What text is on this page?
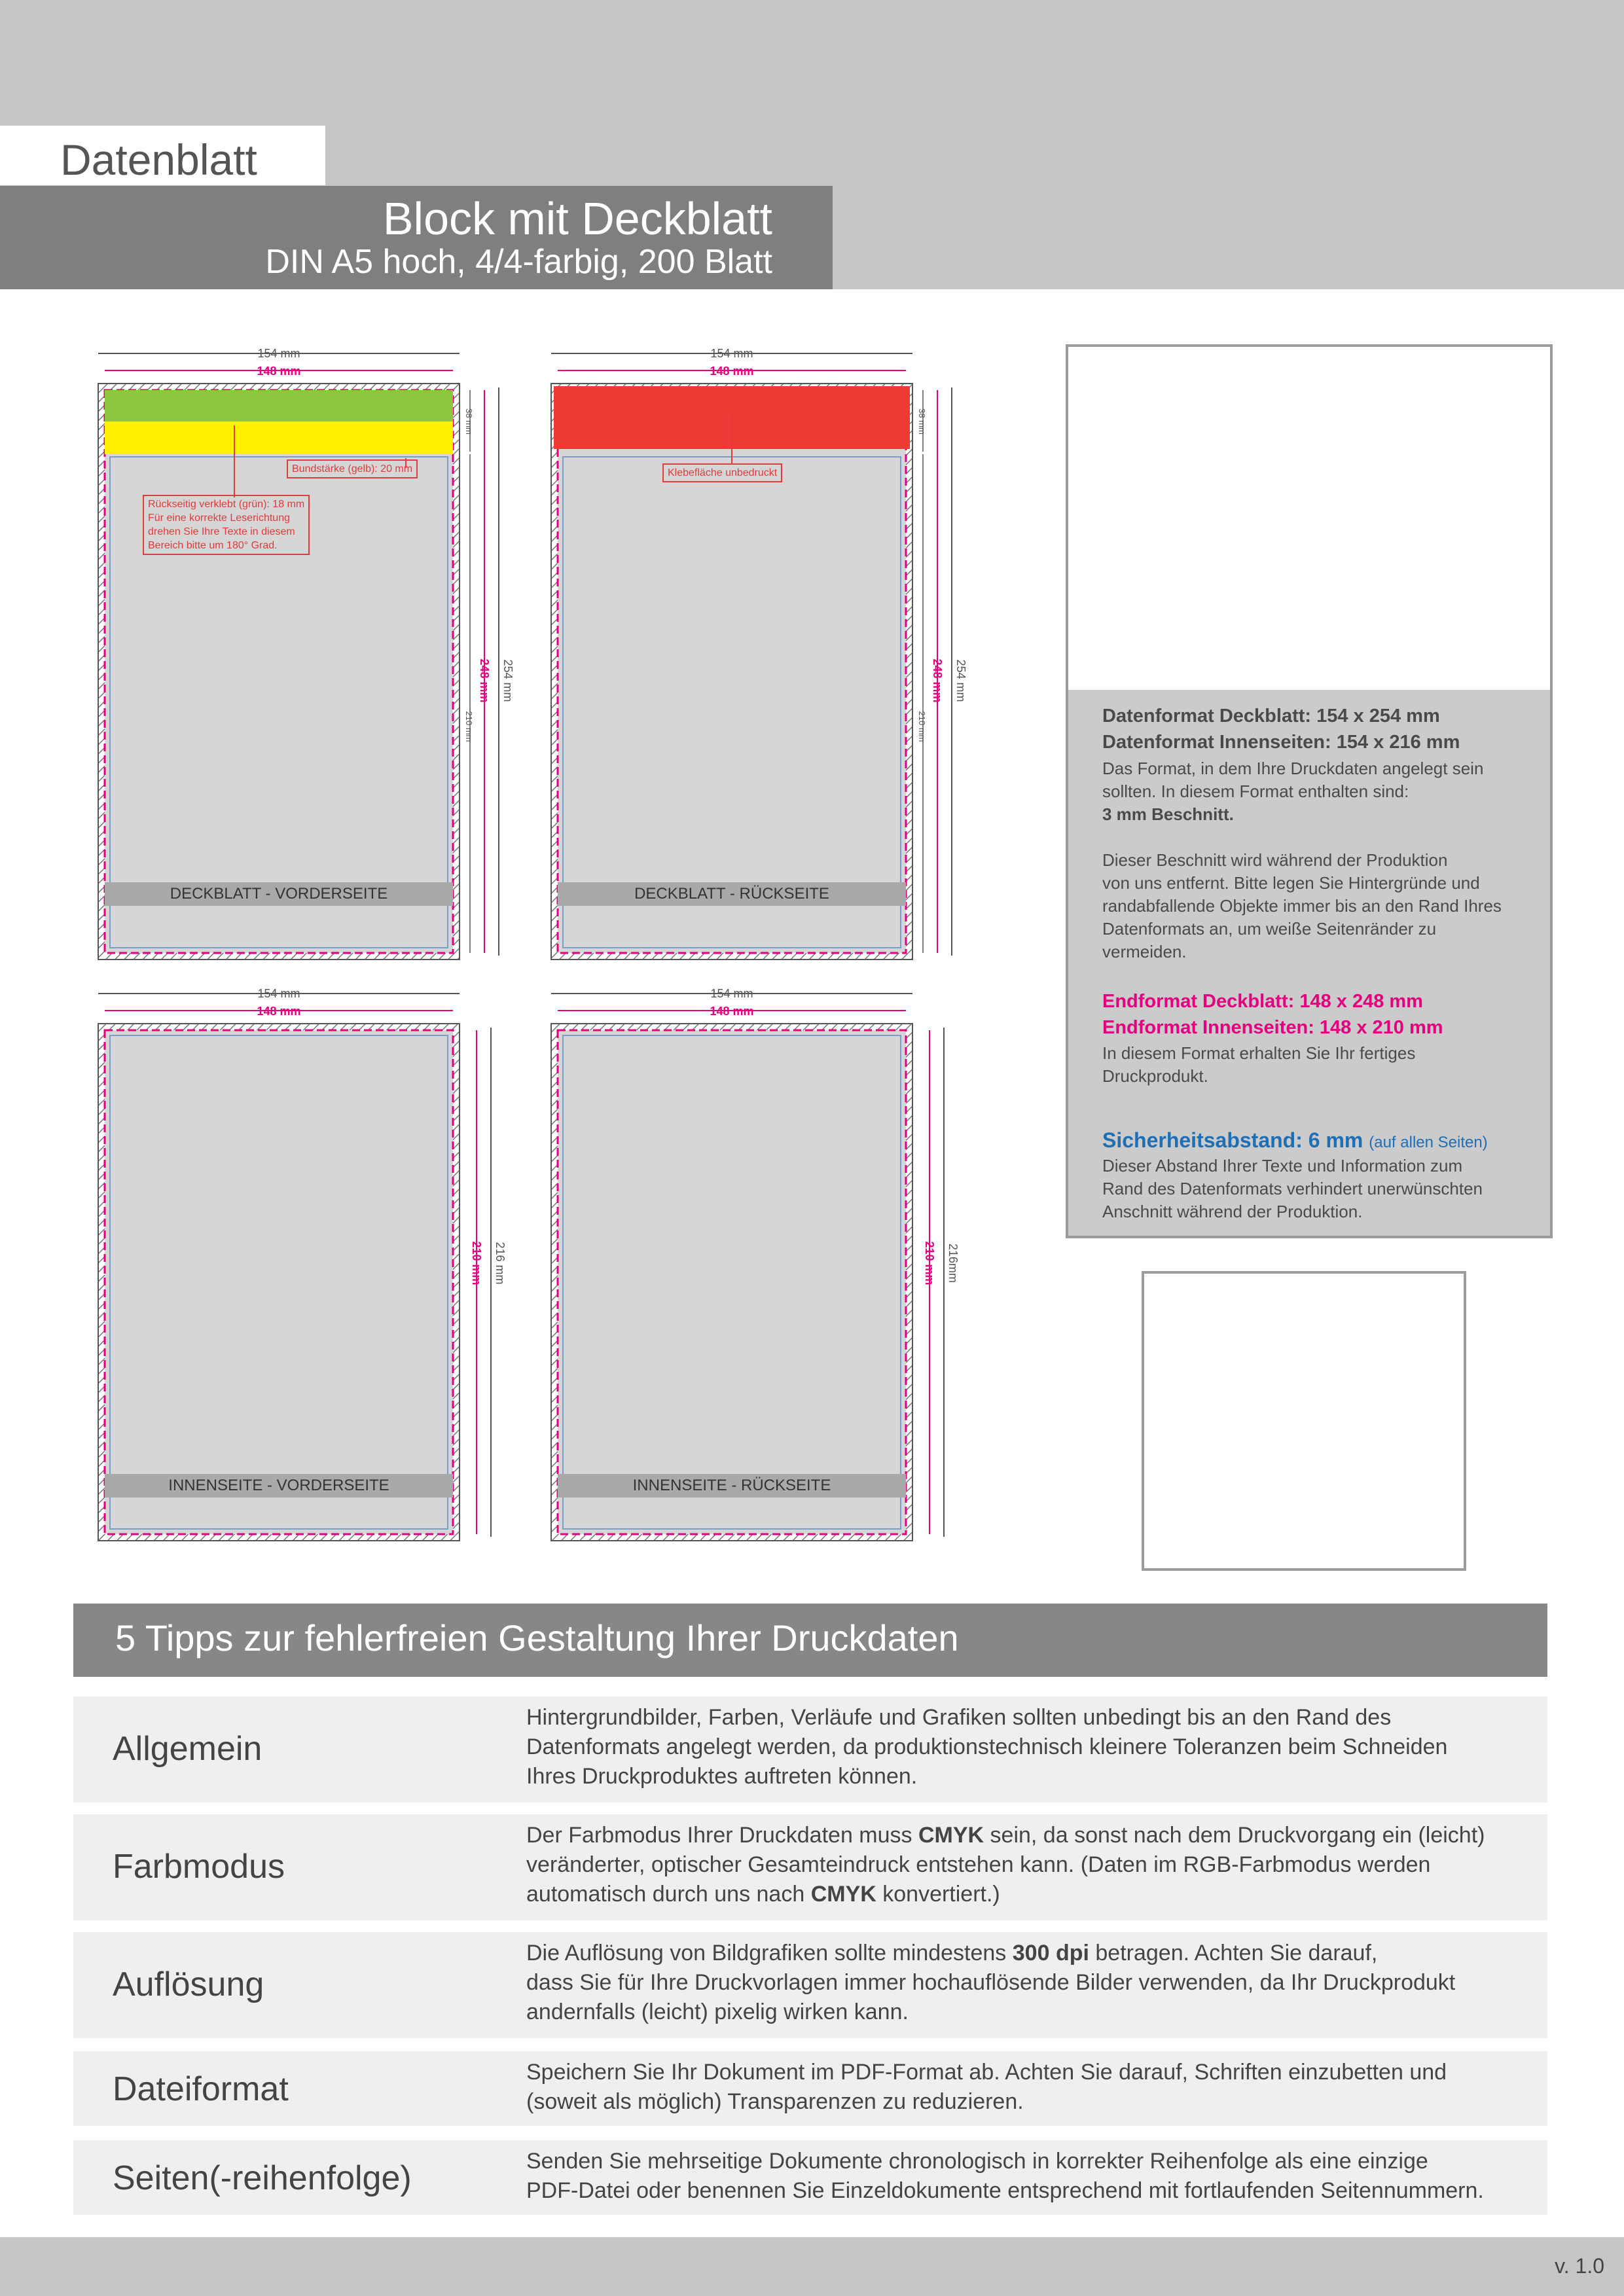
Datenblatt
Block mit Deckblatt
DIN A5 hoch, 4/4-farbig, 200 Blatt
154 mm
148 mm
154 mm
148 mm
154 mm
148 mm
154 mm
148 mm
254 mm
248 mm
210 mm
38 mm
254 mm
248 mm
210 mm
38 mm
216 mm
210 mm	216mm
210 mm
DECKBLATT - VORDERSEITE	DECKBLATT - RÜCKSEITE
INNENSEITE - VORDERSEITE	INNENSEITE - RÜCKSEITE
Bundstärke (gelb): 20 mm	Klebefläche unbedruckt
Rückseitig verklebt (grün): 18 mm
Für eine korrekte Leserichtung
drehen Sie Ihre Texte in diesem
Bereich bitte um 180° Grad.
Datenformat Deckblatt: 154 x 254 mm
Datenformat Innenseiten: 154 x 216 mm
Das Format, in dem Ihre Druckdaten angelegt sein
sollten. In diesem Format enthalten sind:
3 mm Beschnitt.
Dieser Beschnitt wird während der Produktion
von uns entfernt. Bitte legen Sie Hintergründe und
randabfallende Objekte immer bis an den Rand Ihres
Datenformats an, um weiße Seitenränder zu
vermeiden.
Endformat Deckblatt: 148 x 248 mm
Endformat Innenseiten: 148 x 210 mm
In diesem Format erhalten Sie Ihr fertiges
Druckprodukt.
Sicherheitsabstand: 6 mm (auf allen Seiten)
Dieser Abstand Ihrer Texte und Information zum
Rand des Datenformats verhindert unerwünschten
Anschnitt während der Produktion.
5 Tipps zur fehlerfreien Gestaltung Ihrer Druckdaten
Allgemein
Hintergrundbilder, Farben, Verläufe und Grafiken sollten unbedingt bis an den Rand des
Datenformats angelegt werden, da produktionstechnisch kleinere Toleranzen beim Schneiden
Ihres Druckproduktes auftreten können.
Farbmodus
Der Farbmodus Ihrer Druckdaten muss CMYK sein, da sonst nach dem Druckvorgang ein (leicht)
veränderter, optischer Gesamteindruck entstehen kann. (Daten im RGB-Farbmodus werden
automatisch durch uns nach CMYK konvertiert.)
Auflösung
Die Auflösung von Bildgrafiken sollte mindestens 300 dpi betragen. Achten Sie darauf,
dass Sie für Ihre Druckvorlagen immer hochauflösende Bilder verwenden, da Ihr Druckprodukt
andernfalls (leicht) pixelig wirken kann.
Dateiformat	Speichern Sie Ihr Dokument im PDF-Format ab. Achten Sie darauf, Schriften einzubetten und
(soweit als möglich) Transparenzen zu reduzieren.
Seiten(-reihenfolge)	Senden Sie mehrseitige Dokumente chronologisch in korrekter Reihenfolge als eine einzige
PDF-Datei oder benennen Sie Einzeldokumente entsprechend mit fortlaufenden Seitennummern.
v. 1.0
